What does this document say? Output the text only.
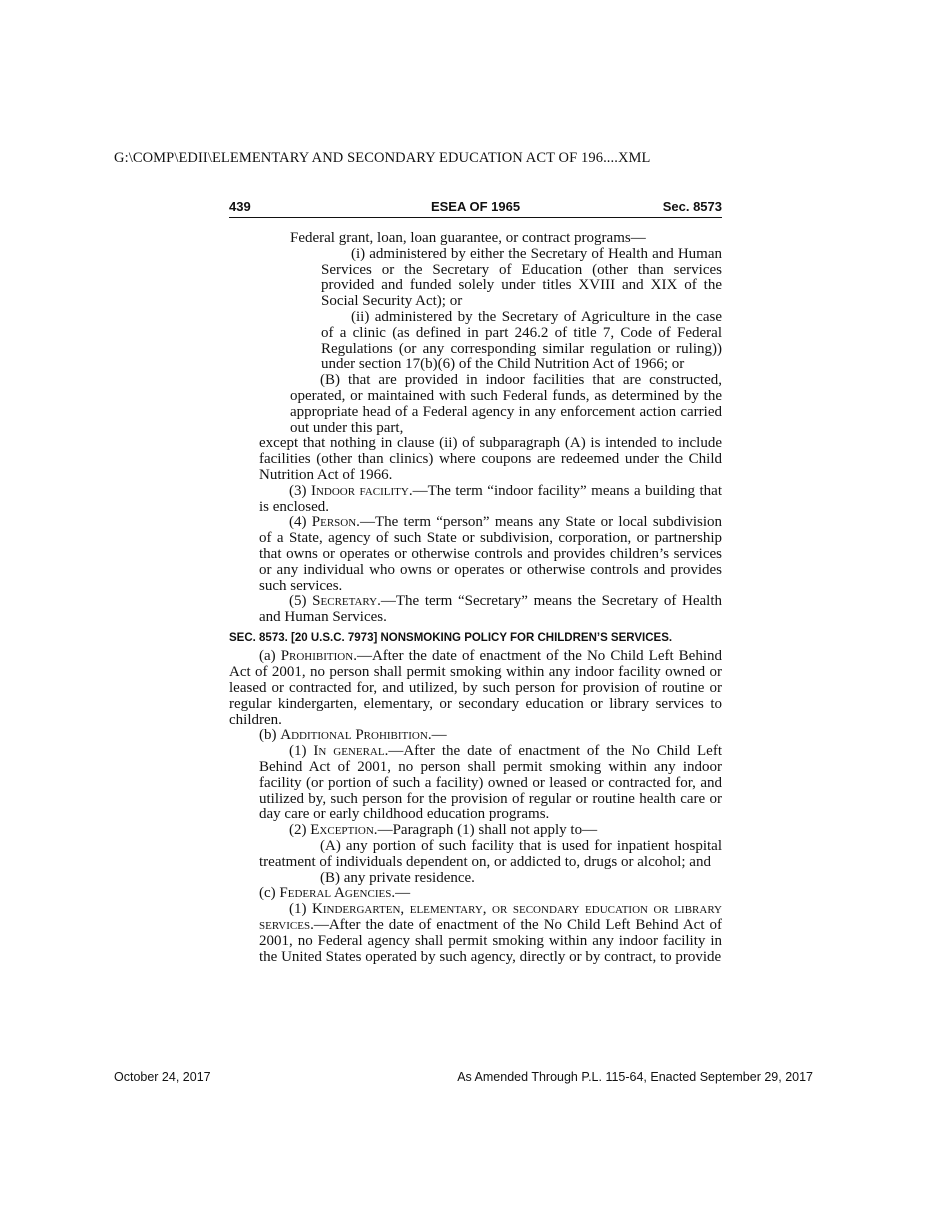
G:\COMP\EDII\ELEMENTARY AND SECONDARY EDUCATION ACT OF 196....XML
439	ESEA OF 1965	Sec. 8573

Federal grant, loan, loan guarantee, or contract programs—

(i) administered by either the Secretary of Health and Human Services or the Secretary of Education (other than services provided and funded solely under titles XVIII and XIX of the Social Security Act); or

(ii) administered by the Secretary of Agriculture in the case of a clinic (as defined in part 246.2 of title 7, Code of Federal Regulations (or any corresponding similar regulation or ruling)) under section 17(b)(6) of the Child Nutrition Act of 1966; or

(B) that are provided in indoor facilities that are constructed, operated, or maintained with such Federal funds, as determined by the appropriate head of a Federal agency in any enforcement action carried out under this part,

except that nothing in clause (ii) of subparagraph (A) is intended to include facilities (other than clinics) where coupons are redeemed under the Child Nutrition Act of 1966.

(3) Indoor facility.—The term “indoor facility” means a building that is enclosed.

(4) Person.—The term “person” means any State or local subdivision of a State, agency of such State or subdivision, corporation, or partnership that owns or operates or otherwise controls and provides children’s services or any individual who owns or operates or otherwise controls and provides such services.

(5) Secretary.—The term “Secretary” means the Secretary of Health and Human Services.

SEC. 8573. [20 U.S.C. 7973] NONSMOKING POLICY FOR CHILDREN’S SERVICES.

(a) Prohibition.—After the date of enactment of the No Child Left Behind Act of 2001, no person shall permit smoking within any indoor facility owned or leased or contracted for, and utilized, by such person for provision of routine or regular kindergarten, elementary, or secondary education or library services to children.

(b) Additional Prohibition.—

(1) In general.—After the date of enactment of the No Child Left Behind Act of 2001, no person shall permit smoking within any indoor facility (or portion of such a facility) owned or leased or contracted for, and utilized by, such person for the provision of regular or routine health care or day care or early childhood education programs.

(2) Exception.—Paragraph (1) shall not apply to—

(A) any portion of such facility that is used for inpatient hospital treatment of individuals dependent on, or addicted to, drugs or alcohol; and

(B) any private residence.

(c) Federal Agencies.—

(1) Kindergarten, elementary, or secondary education or library services.—After the date of enactment of the No Child Left Behind Act of 2001, no Federal agency shall permit smoking within any indoor facility in the United States operated by such agency, directly or by contract, to provide

October 24, 2017	As Amended Through P.L. 115-64, Enacted September 29, 2017
